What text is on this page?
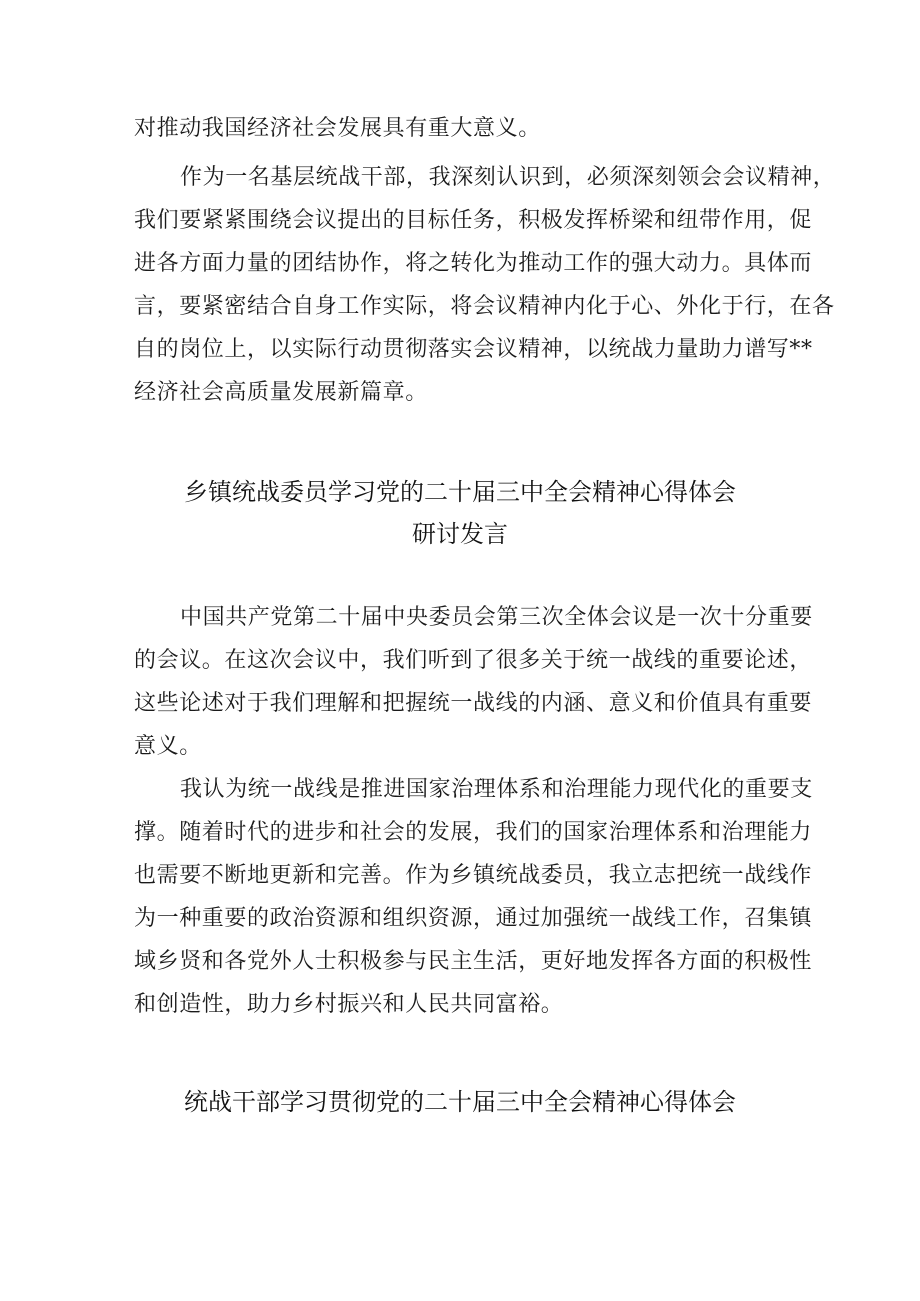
对推动我国经济社会发展具有重大意义。
作为一名基层统战干部，我深刻认识到，必须深刻领会会议精神，
我们要紧紧围绕会议提出的目标任务，积极发挥桥梁和纽带作用，促
进各方面力量的团结协作，将之转化为推动工作的强大动力。具体而
言，要紧密结合自身工作实际，将会议精神内化于心、外化于行，在各
自的岗位上，以实际行动贯彻落实会议精神，以统战力量助力谱写**
经济社会高质量发展新篇章。
乡镇统战委员学习党的二十届三中全会精神心得体会
研讨发言
中国共产党第二十届中央委员会第三次全体会议是一次十分重要
的会议。在这次会议中，我们听到了很多关于统一战线的重要论述，
这些论述对于我们理解和把握统一战线的内涵、意义和价值具有重要
意义。
我认为统一战线是推进国家治理体系和治理能力现代化的重要支
撑。随着时代的进步和社会的发展，我们的国家治理体系和治理能力
也需要不断地更新和完善。作为乡镇统战委员，我立志把统一战线作
为一种重要的政治资源和组织资源，通过加强统一战线工作，召集镇
域乡贤和各党外人士积极参与民主生活，更好地发挥各方面的积极性
和创造性，助力乡村振兴和人民共同富裕。
统战干部学习贯彻党的二十届三中全会精神心得体会
